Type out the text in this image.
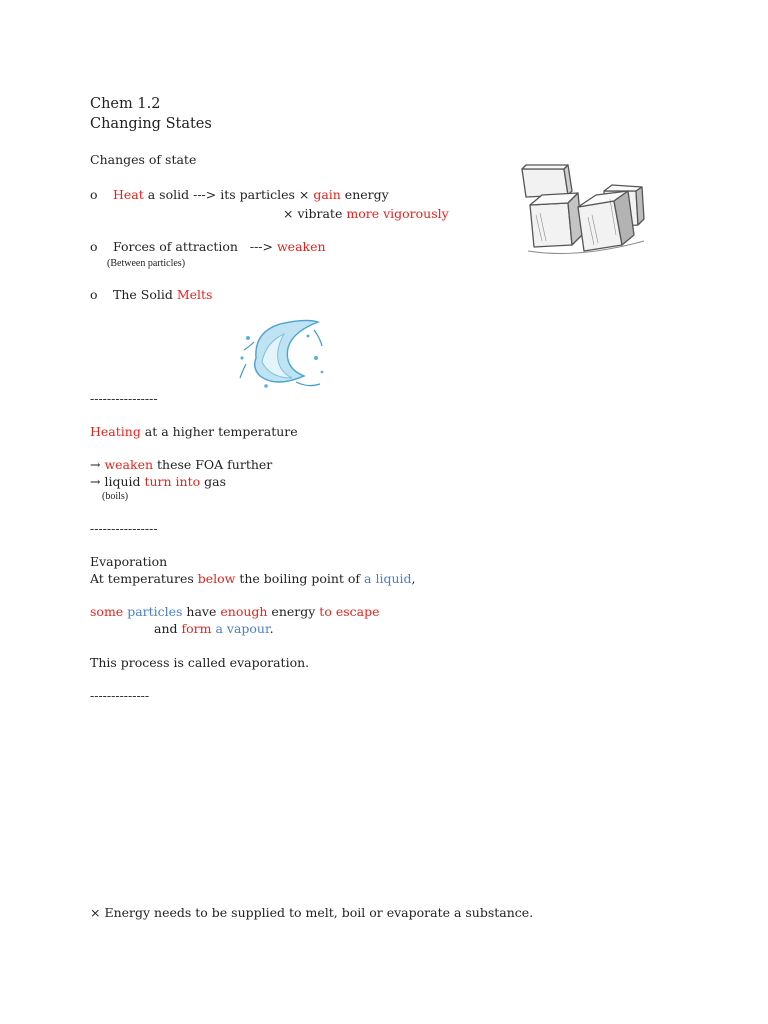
Chem 1.2
Changing States
Changes of state
o Heat a solid ---> its particles × gain energy
× vibrate more vigorously
o Forces of attraction   ---> weaken
(Between particles)
o The Solid Melts
----------------
Heating at a higher temperature
→ weaken these FOA further
→ liquid turn into gas
(boils)
----------------
Evaporation
At temperatures below the boiling point of a liquid,
some particles have enough energy to escape
and form a vapour.
This process is called evaporation.
--------------
× Energy needs to be supplied to melt, boil or evaporate a substance.
